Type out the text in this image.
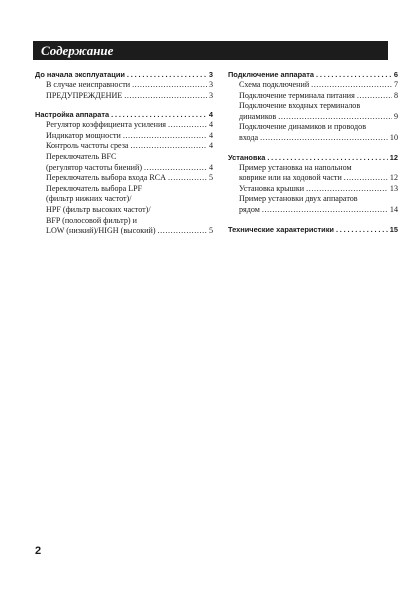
Содержание
До начала эксплуатации .....	3
В случае неисправности .....	3
ПРЕДУПРЕЖДЕНИЕ .....	3
Настройка аппарата .....	4
Регулятор коэффициента усиления .....	4
Индикатор мощности .....	4
Контроль частоты среза .....	4
Переключатель BFC
(регулятор частоты биений) .....	4
Переключатель выбора входа RCA .....	5
Переключатель выбора LPF
(фильтр нижних частот)/
HPF (фильтр высоких частот)/
BFP (полосовой фильтр) и
LOW (низкий)/HIGH (высокий) .....	5
Подключение аппарата .....	6
Схема подключений .....	7
Подключение терминала питания .....	8
Подключение входных терминалов
динамиков .....	9
Подключение динамиков и проводов
входа .....	10
Установка .....	12
Пример установка на напольном
коврике или на ходовой части .....	12
Установка крышки .....	13
Пример установки двух аппаратов
рядом .....	14
Технические характеристики .....	15
2
